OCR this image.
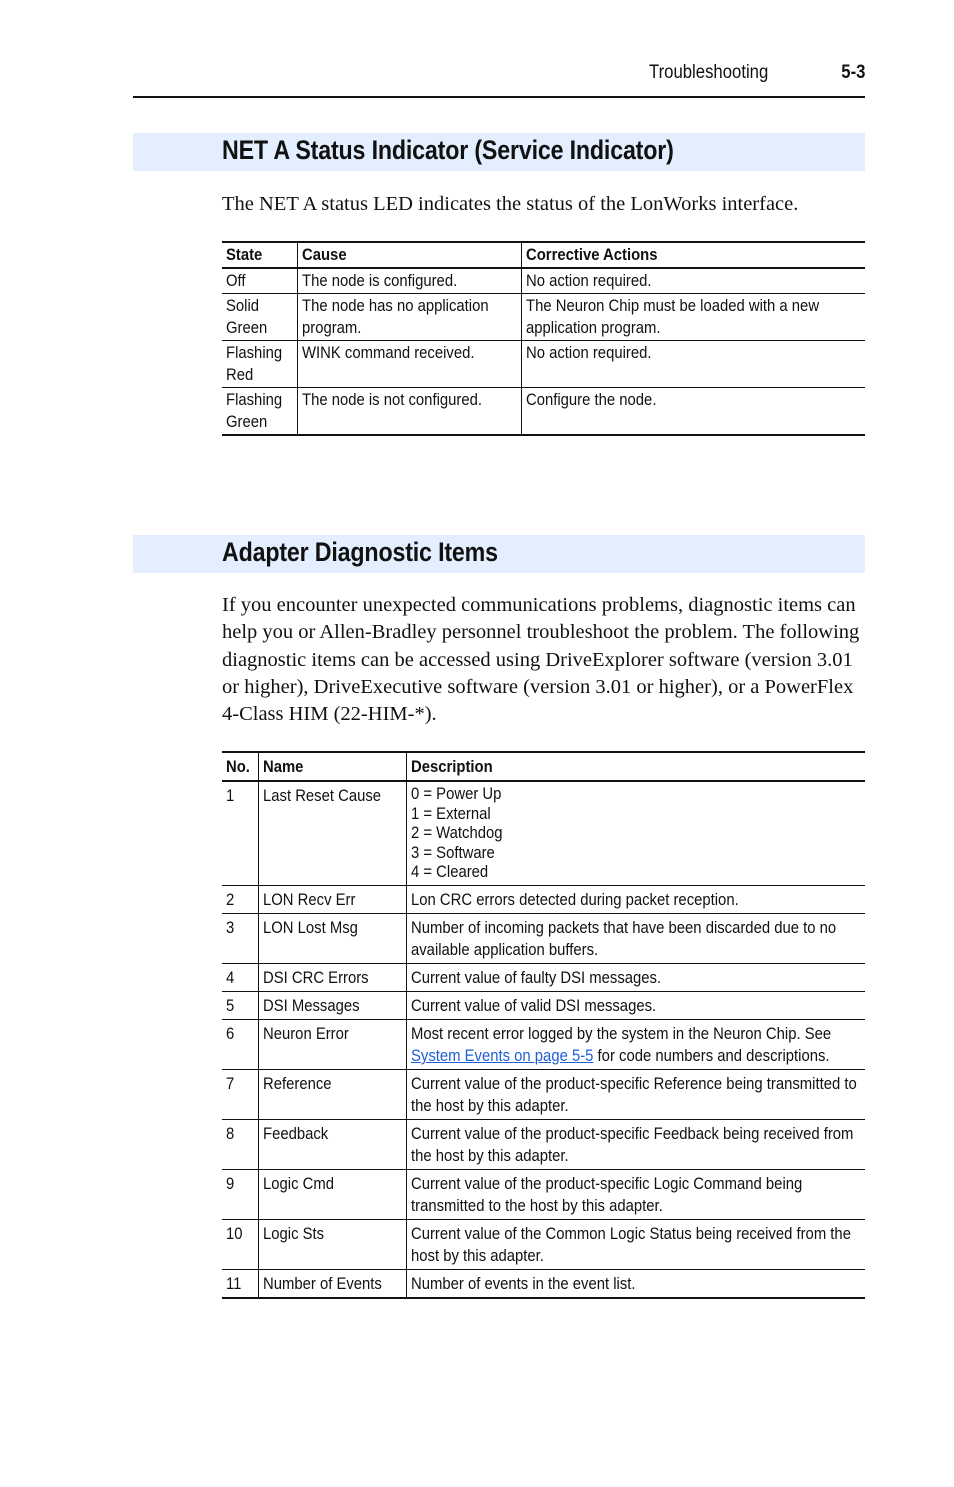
Troubleshooting	5-3
NET A Status Indicator (Service Indicator)

The NET A status LED indicates the status of the LonWorks interface.

State	Cause	Corrective Actions

Off	The node is configured.	No action required.

Solid Green	The node has no application program.	The Neuron Chip must be loaded with a new application program.

Flashing Red	WINK command received.	No action required.

Flashing Green	The node is not configured.	Configure the node.
Adapter Diagnostic Items

If you encounter unexpected communications problems, diagnostic items can help you or Allen-Bradley personnel troubleshoot the problem. The following diagnostic items can be accessed using DriveExplorer software (version 3.01 or higher), DriveExecutive software (version 3.01 or higher), or a PowerFlex 4-Class HIM (22-HIM-*).

No.	Name	Description

1	Last Reset Cause	0 = Power Up
1 = External
2 = Watchdog
3 = Software
4 = Cleared

2	LON Recv Err	Lon CRC errors detected during packet reception.

3	LON Lost Msg	Number of incoming packets that have been discarded due to no available application buffers.

4	DSI CRC Errors	Current value of faulty DSI messages.

5	DSI Messages	Current value of valid DSI messages.

6	Neuron Error	Most recent error logged by the system in the Neuron Chip. See System Events on page 5-5 for code numbers and descriptions.

7	Reference	Current value of the product-specific Reference being transmitted to the host by this adapter.

8	Feedback	Current value of the product-specific Feedback being received from the host by this adapter.

9	Logic Cmd	Current value of the product-specific Logic Command being transmitted to the host by this adapter.

10	Logic Sts	Current value of the Common Logic Status being received from the host by this adapter.

11	Number of Events	Number of events in the event list.
